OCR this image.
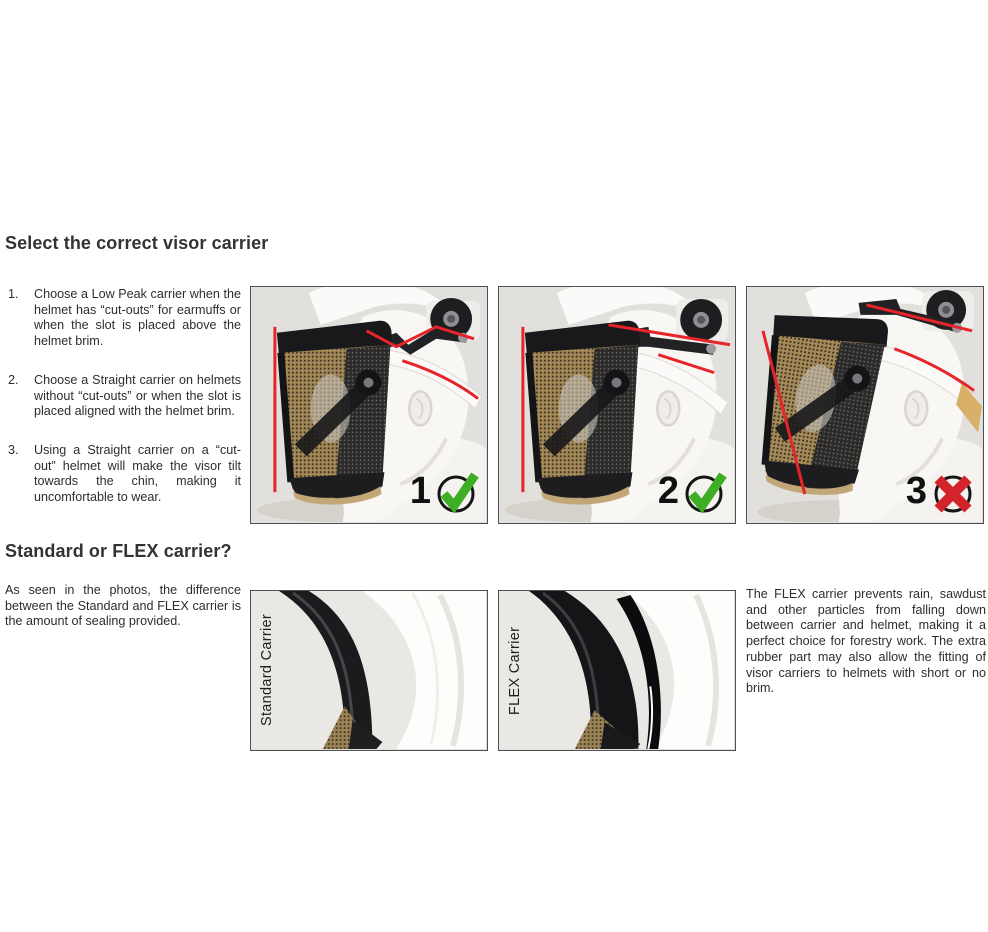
Select the correct visor carrier
1.	Choose a Low Peak carrier when the helmet has “cut-outs” for earmuffs or when the slot is placed above the helmet brim.
2.	Choose a Straight carrier on helmets without “cut-outs” or when the slot is placed aligned with the helmet brim.
3.	Using a Straight carrier on a “cut-out” helmet will make the visor tilt towards the chin, making it uncomfortable to wear.	1	2	3
Standard or FLEX carrier?
As seen in the photos, the difference between the Standard and FLEX carrier is the amount of sealing provided.	Standard Carrier	FLEX Carrier
The FLEX carrier prevents rain, sawdust and other particles from falling down between carrier and helmet, making it a perfect choice for forestry work. The extra rubber part may also allow the fitting of visor carriers to helmets with short or no brim.
